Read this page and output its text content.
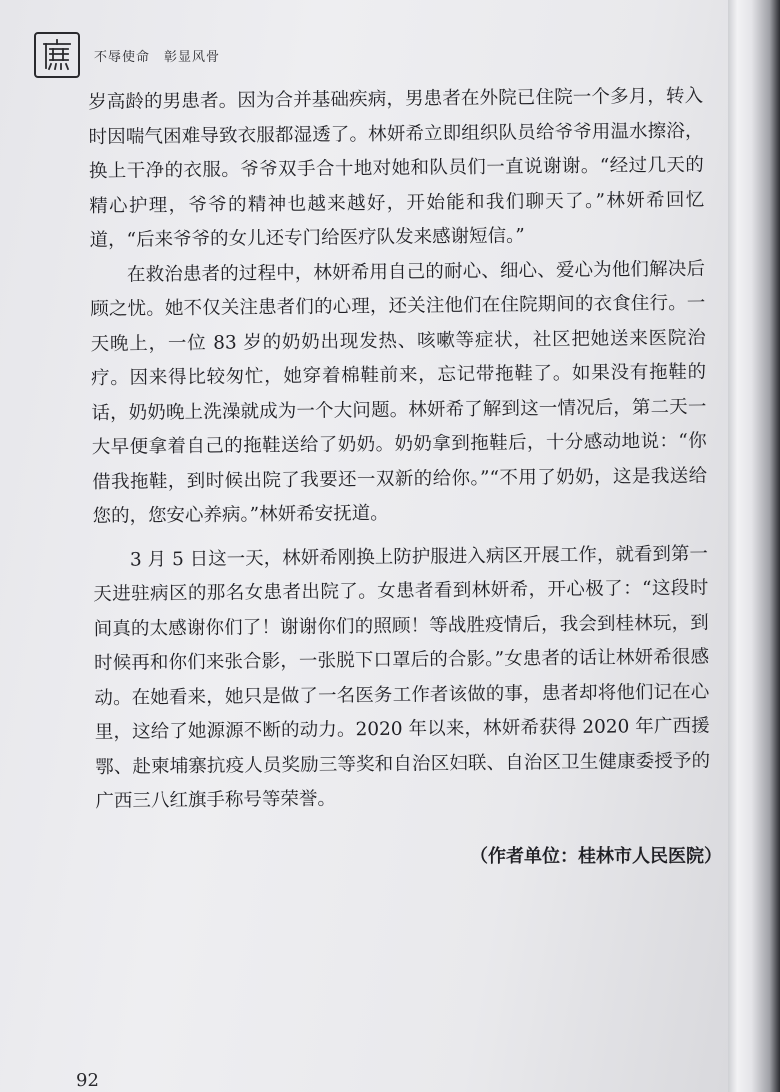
不辱使命　彰显风骨

岁高龄的男患者。因为合并基础疾病，男患者在外院已住院一个多月，转入时因喘气困难导致衣服都湿透了。林妍希立即组织队员给爷爷用温水擦浴，换上干净的衣服。爷爷双手合十地对她和队员们一直说谢谢。“经过几天的精心护理，爷爷的精神也越来越好，开始能和我们聊天了。”林妍希回忆道，“后来爷爷的女儿还专门给医疗队发来感谢短信。”

在救治患者的过程中，林妍希用自己的耐心、细心、爱心为他们解决后顾之忧。她不仅关注患者们的心理，还关注他们在住院期间的衣食住行。一天晚上，一位 83 岁的奶奶出现发热、咳嗽等症状，社区把她送来医院治疗。因来得比较匆忙，她穿着棉鞋前来，忘记带拖鞋了。如果没有拖鞋的话，奶奶晚上洗澡就成为一个大问题。林妍希了解到这一情况后，第二天一大早便拿着自己的拖鞋送给了奶奶。奶奶拿到拖鞋后，十分感动地说：“你借我拖鞋，到时候出院了我要还一双新的给你。”“不用了奶奶，这是我送给您的，您安心养病。”林妍希安抚道。

3 月 5 日这一天，林妍希刚换上防护服进入病区开展工作，就看到第一天进驻病区的那名女患者出院了。女患者看到林妍希，开心极了：“这段时间真的太感谢你们了！谢谢你们的照顾！等战胜疫情后，我会到桂林玩，到时候再和你们来张合影，一张脱下口罩后的合影。”女患者的话让林妍希很感动。在她看来，她只是做了一名医务工作者该做的事，患者却将他们记在心里，这给了她源源不断的动力。2020 年以来，林妍希获得 2020 年广西援鄂、赴柬埔寨抗疫人员奖励三等奖和自治区妇联、自治区卫生健康委授予的广西三八红旗手称号等荣誉。

（作者单位：桂林市人民医院）
92
